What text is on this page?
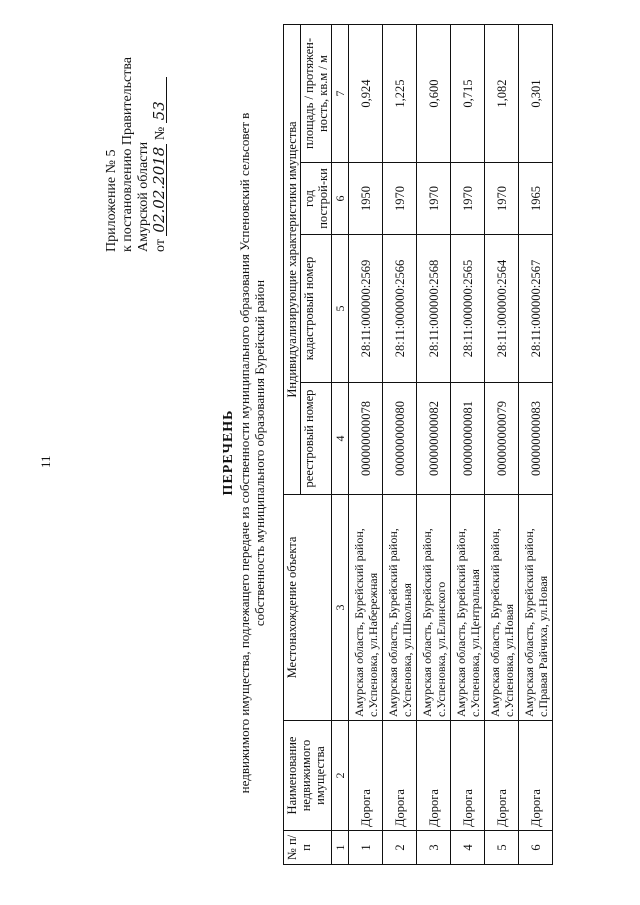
11
Приложение № 5 к постановлению Правительства Амурской области от 02.02.2018 № 53
ПЕРЕЧЕНЬ недвижимого имущества, подлежащего передаче из собственности муниципального образования Успеновский сельсовет в собственность муниципального образования Бурейский район
№ п/п	Наименование недвижимого имущества	Местонахождение объекта	Индивидуализирующие характеристики имущества			
			реестровый номер	кадастровый номер	год построй-ки	площадь / протяжен-ность, кв.м / м
1	2	3	4	5	6	7
1	Дорога	Амурская область, Бурейский район, с.Успеновка, ул.Набережная	000000000078	28:11:000000:2569	1950	0,924
2	Дорога	Амурская область, Бурейский район, с.Успеновка, ул.Школьная	000000000080	28:11:000000:2566	1970	1,225
3	Дорога	Амурская область, Бурейский район, с.Успеновка, ул.Елинского	000000000082	28:11:000000:2568	1970	0,600
4	Дорога	Амурская область, Бурейский район, с.Успеновка, ул.Центральная	000000000081	28:11:000000:2565	1970	0,715
5	Дорога	Амурская область, Бурейский район, с.Успеновка, ул.Новая	000000000079	28:11:000000:2564	1970	1,082
6	Дорога	Амурская область, Бурейский район, с.Правая Райчиха, ул.Новая	000000000083	28:11:000000:2567	1965	0,301
